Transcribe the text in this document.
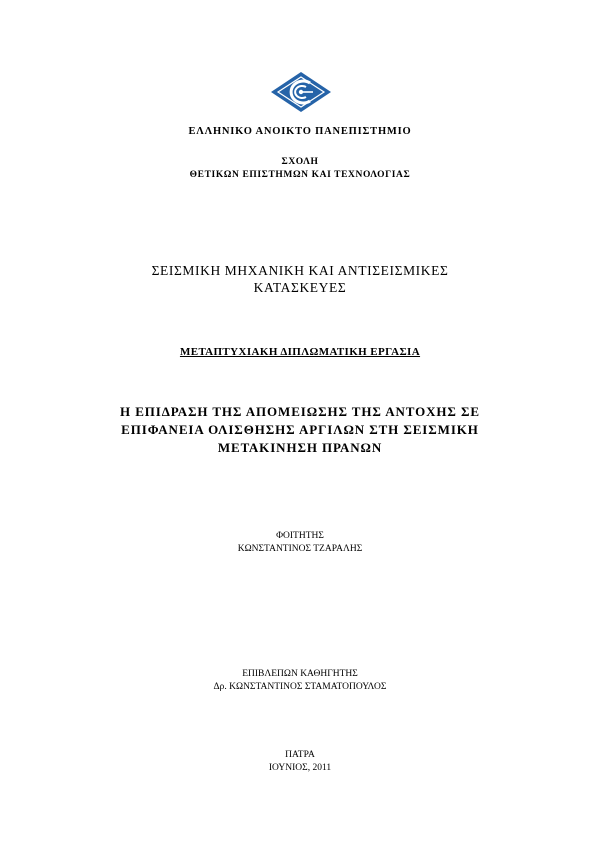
ΕΛΛΗΝΙΚΟ ΑΝΟΙΚΤΟ ΠΑΝΕΠΙΣΤΗΜΙΟ
ΣΧΟΛΗ
ΘΕΤΙΚΩΝ ΕΠΙΣΤΗΜΩΝ ΚΑΙ ΤΕΧΝΟΛΟΓΙΑΣ
ΣΕΙΣΜΙΚΗ ΜΗΧΑΝΙΚΗ ΚΑΙ ΑΝΤΙΣΕΙΣΜΙΚΕΣ
ΚΑΤΑΣΚΕΥΕΣ
ΜΕΤΑΠΤΥΧΙΑΚΗ ΔΙΠΛΩΜΑΤΙΚΗ ΕΡΓΑΣΙΑ
Η ΕΠΙΔΡΑΣΗ ΤΗΣ ΑΠΟΜΕΙΩΣΗΣ ΤΗΣ ΑΝΤΟΧΗΣ ΣΕ
ΕΠΙΦΑΝΕΙΑ ΟΛΙΣΘΗΣΗΣ ΑΡΓΙΛΩΝ ΣΤΗ ΣΕΙΣΜΙΚΗ
ΜΕΤΑΚΙΝΗΣΗ ΠΡΑΝΩΝ
ΦΟΙΤΗΤΗΣ
ΚΩΝΣΤΑΝΤΙΝΟΣ ΤΖΑΡΑΛΗΣ
ΕΠΙΒΛΕΠΩΝ ΚΑΘΗΓΗΤΗΣ
Δρ. ΚΩΝΣΤΑΝΤΙΝΟΣ ΣΤΑΜΑΤΟΠΟΥΛΟΣ
ΠΑΤΡΑ
ΙΟΥΝΙΟΣ, 2011
